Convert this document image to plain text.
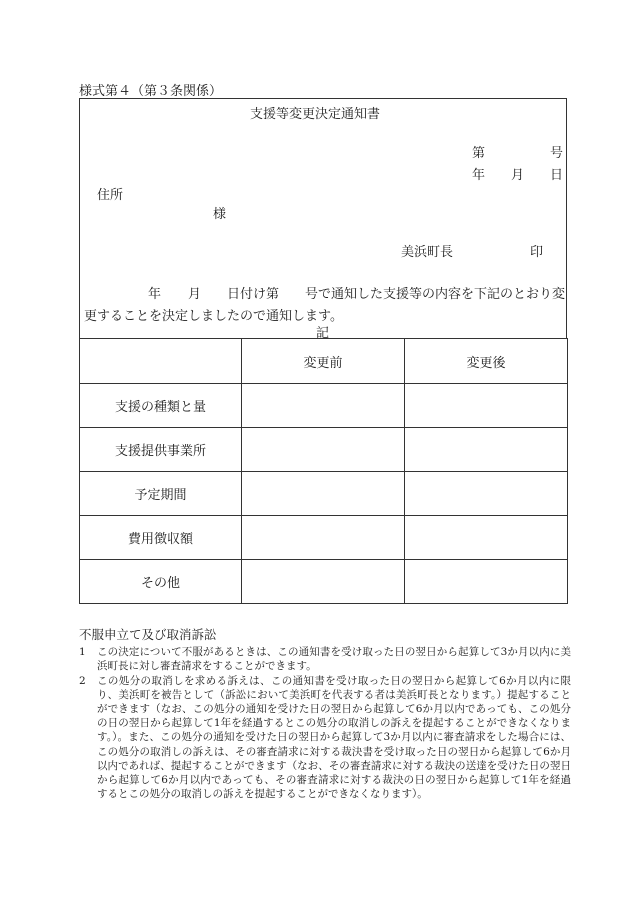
様式第４（第３条関係）
支援等変更決定通知書
第	号
年 月 日
住所
様
美浜町長	印
年 月 日付け第 号で通知した支援等の内容を下記のとおり変
更することを決定しましたので通知します。
記
	変更前	変更後
支援の種類と量		
支援提供事業所		
予定期間		
費用徴収額		
その他		
不服申立て及び取消訴訟
1	この決定について不服があるときは、この通知書を受け取った日の翌日から起算して3か月以内に美浜町長に対し審査請求をすることができます。
2	この処分の取消しを求める訴えは、この通知書を受け取った日の翌日から起算して6か月以内に限り、美浜町を被告として（訴訟において美浜町を代表する者は美浜町長となります。）提起することができます（なお、この処分の通知を受けた日の翌日から起算して6か月以内であっても、この処分の日の翌日から起算して1年を経過するとこの処分の取消しの訴えを提起することができなくなります。）。また、この処分の通知を受けた日の翌日から起算して3か月以内に審査請求をした場合には、この処分の取消しの訴えは、その審査請求に対する裁決書を受け取った日の翌日から起算して6か月以内であれば、提起することができます（なお、その審査請求に対する裁決の送達を受けた日の翌日から起算して6か月以内であっても、その審査請求に対する裁決の日の翌日から起算して1年を経過するとこの処分の取消しの訴えを提起することができなくなります）。
